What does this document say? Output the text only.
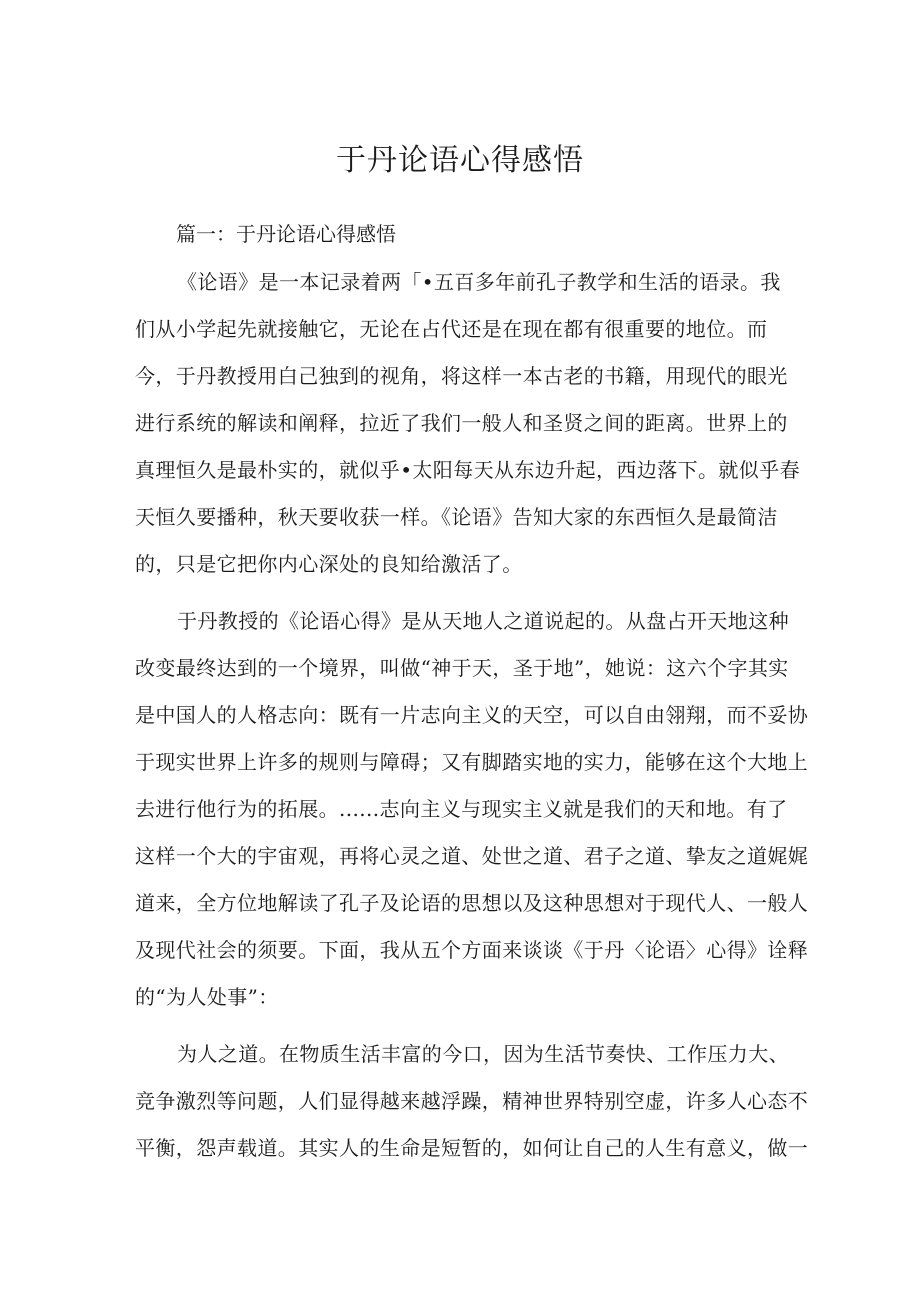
于丹论语心得感悟
篇一：于丹论语心得感悟
《论语》是一本记录着两「•五百多年前孔子教学和生活的语录。我
们从小学起先就接触它，无论在占代还是在现在都有很重要的地位。而
今，于丹教授用白己独到的视角，将这样一本古老的书籍，用现代的眼光
进行系统的解读和阐释，拉近了我们一般人和圣贤之间的距离。世界上的
真理恒久是最朴实的，就似乎•太阳每天从东边升起，西边落下。就似乎春
天恒久要播种，秋天要收获一样。《论语》告知大家的东西恒久是最简洁
的，只是它把你内心深处的良知给激活了。
于丹教授的《论语心得》是从天地人之道说起的。从盘占开天地这种
改变最终达到的一个境界，叫做“神于天，圣于地”，她说：这六个字其实
是中国人的人格志向：既有一片志向主义的天空，可以自由翎翔，而不妥协
于现实世界上许多的规则与障碍；又有脚踏实地的实力，能够在这个大地上
去进行他行为的拓展。......志向主义与现实主义就是我们的天和地。有了
这样一个大的宇宙观，再将心灵之道、处世之道、君子之道、挚友之道娓娓
道来，全方位地解读了孔子及论语的思想以及这种思想对于现代人、一般人
及现代社会的须要。下面，我从五个方面来谈谈《于丹〈论语〉心得》诠释
的“为人处事”：
为人之道。在物质生活丰富的今口，因为生活节奏快、工作压力大、
竞争激烈等问题，人们显得越来越浮躁，精神世界特别空虚，许多人心态不
平衡，怨声载道。其实人的生命是短暂的，如何让自己的人生有意义，做一
